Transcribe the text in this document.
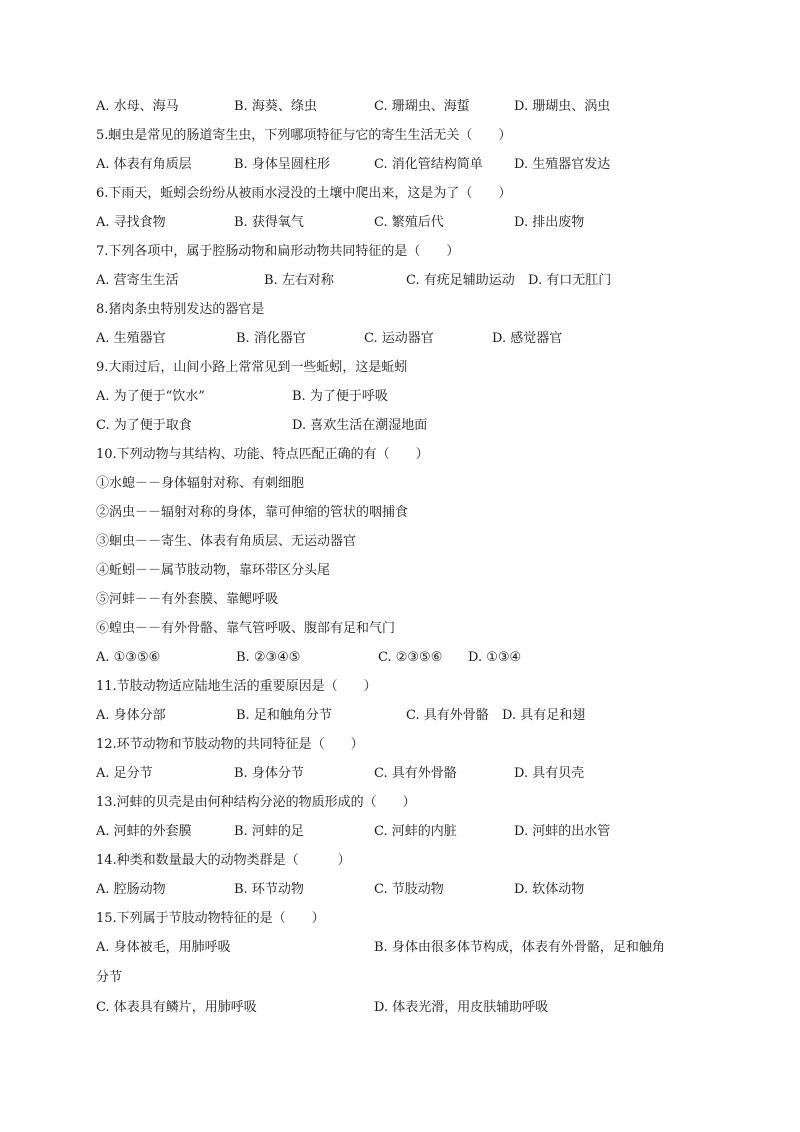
A. 水母、海马	B. 海葵、绦虫	C. 珊瑚虫、海蜇	D. 珊瑚虫、涡虫
5.蛔虫是常见的肠道寄生虫，下列哪项特征与它的寄生生活无关（　　）
A. 体表有角质层	B. 身体呈圆柱形	C. 消化管结构简单 D. 生殖器官发达
6.下雨天，蚯蚓会纷纷从被雨水浸没的土壤中爬出来，这是为了（　　）
A. 寻找食物	B. 获得氧气	C. 繁殖后代	D. 排出废物
7.下列各项中，属于腔肠动物和扁形动物共同特征的是（　　）
A. 营寄生生活	B. 左右对称	C. 有疣足辅助运动 D. 有口无肛门
8.猪肉条虫特别发达的器官是
A. 生殖器官	B. 消化器官	C. 运动器官	D. 感觉器官
9.大雨过后，山间小路上常常见到一些蚯蚓，这是蚯蚓
A. 为了便于“饮水”	B. 为了便于呼吸
C. 为了便于取食	D. 喜欢生活在潮湿地面
10.下列动物与其结构、功能、特点匹配正确的有（　　）
①水螅－－身体辐射对称、有刺细胞
②涡虫－－辐射对称的身体，靠可伸缩的管状的咽捕食
③蛔虫－－寄生、体表有角质层、无运动器官
④蚯蚓－－属节肢动物，靠环带区分头尾
⑤河蚌－－有外套膜、靠鳃呼吸
⑥蝗虫－－有外骨骼、靠气管呼吸、腹部有足和气门
A. ①③⑤⑥	B. ②③④⑤	C. ②③⑤⑥ D. ①③④
11.节肢动物适应陆地生活的重要原因是（　　）
A. 身体分部	B. 足和触角分节	C. 具有外骨骼 D. 具有足和翅
12.环节动物和节肢动物的共同特征是（　　）
A. 足分节	B. 身体分节	C. 具有外骨骼	D. 具有贝壳
13.河蚌的贝壳是由何种结构分泌的物质形成的（　　）
A. 河蚌的外套膜	B. 河蚌的足	C. 河蚌的内脏	D. 河蚌的出水管
14.种类和数量最大的动物类群是（　　　）
A. 腔肠动物	B. 环节动物	C. 节肢动物	D. 软体动物
15.下列属于节肢动物特征的是（　　）
A. 身体被毛，用肺呼吸	B. 身体由很多体节构成，体表有外骨骼，足和触角
分节
C. 体表具有鳞片，用肺呼吸	D. 体表光滑，用皮肤辅助呼吸
